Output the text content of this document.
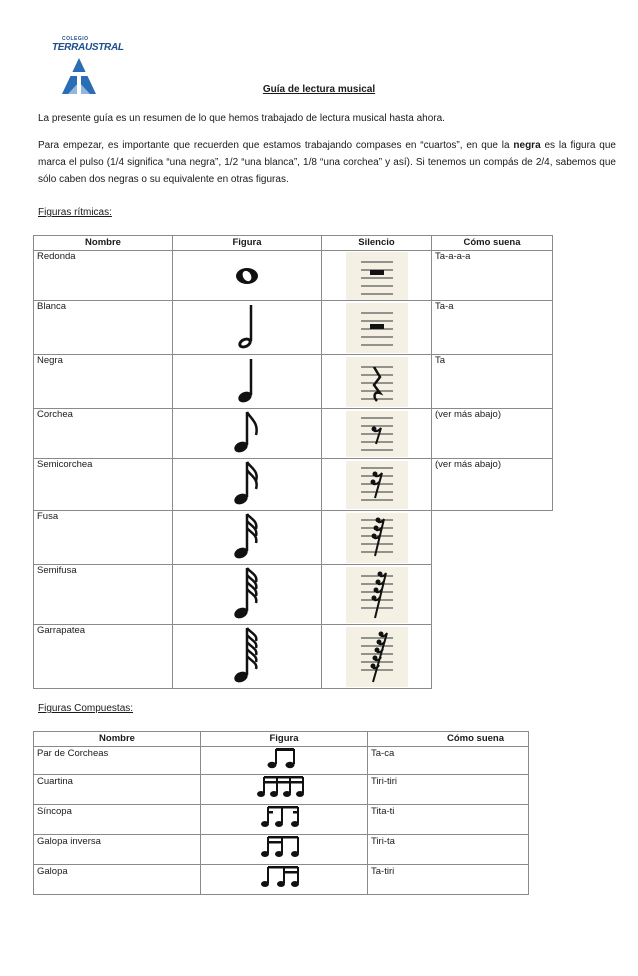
COLEGIO
TERRAUSTRAL
Guía de lectura musical
La presente guía es un resumen de lo que hemos trabajado de lectura musical hasta ahora.
Para empezar, es importante que recuerden que estamos trabajando compases en “cuartos”, en que la negra es la figura que marca el pulso (1/4 significa “una negra”, 1/2 “una blanca”, 1/8 “una corchea” y así). Si tenemos un compás de 2/4, sabemos que sólo caben dos negras o su equivalente en otras figuras.
Figuras rítmicas:
Nombre	Figura	Silencio	Cómo suena
Redonda			Ta-a-a-a
Blanca			Ta-a
Negra			Ta
Corchea			(ver más abajo)
Semicorchea			(ver más abajo)
Fusa		

Semifusa		

Garrapatea		

Figuras Compuestas:
Nombre	Figura	Cómo suena
Par de Corcheas		Ta-ca
Cuartina		Tiri-tiri
Síncopa		Tita-ti
Galopa inversa		Tiri-ta
Galopa		Ta-tiri
